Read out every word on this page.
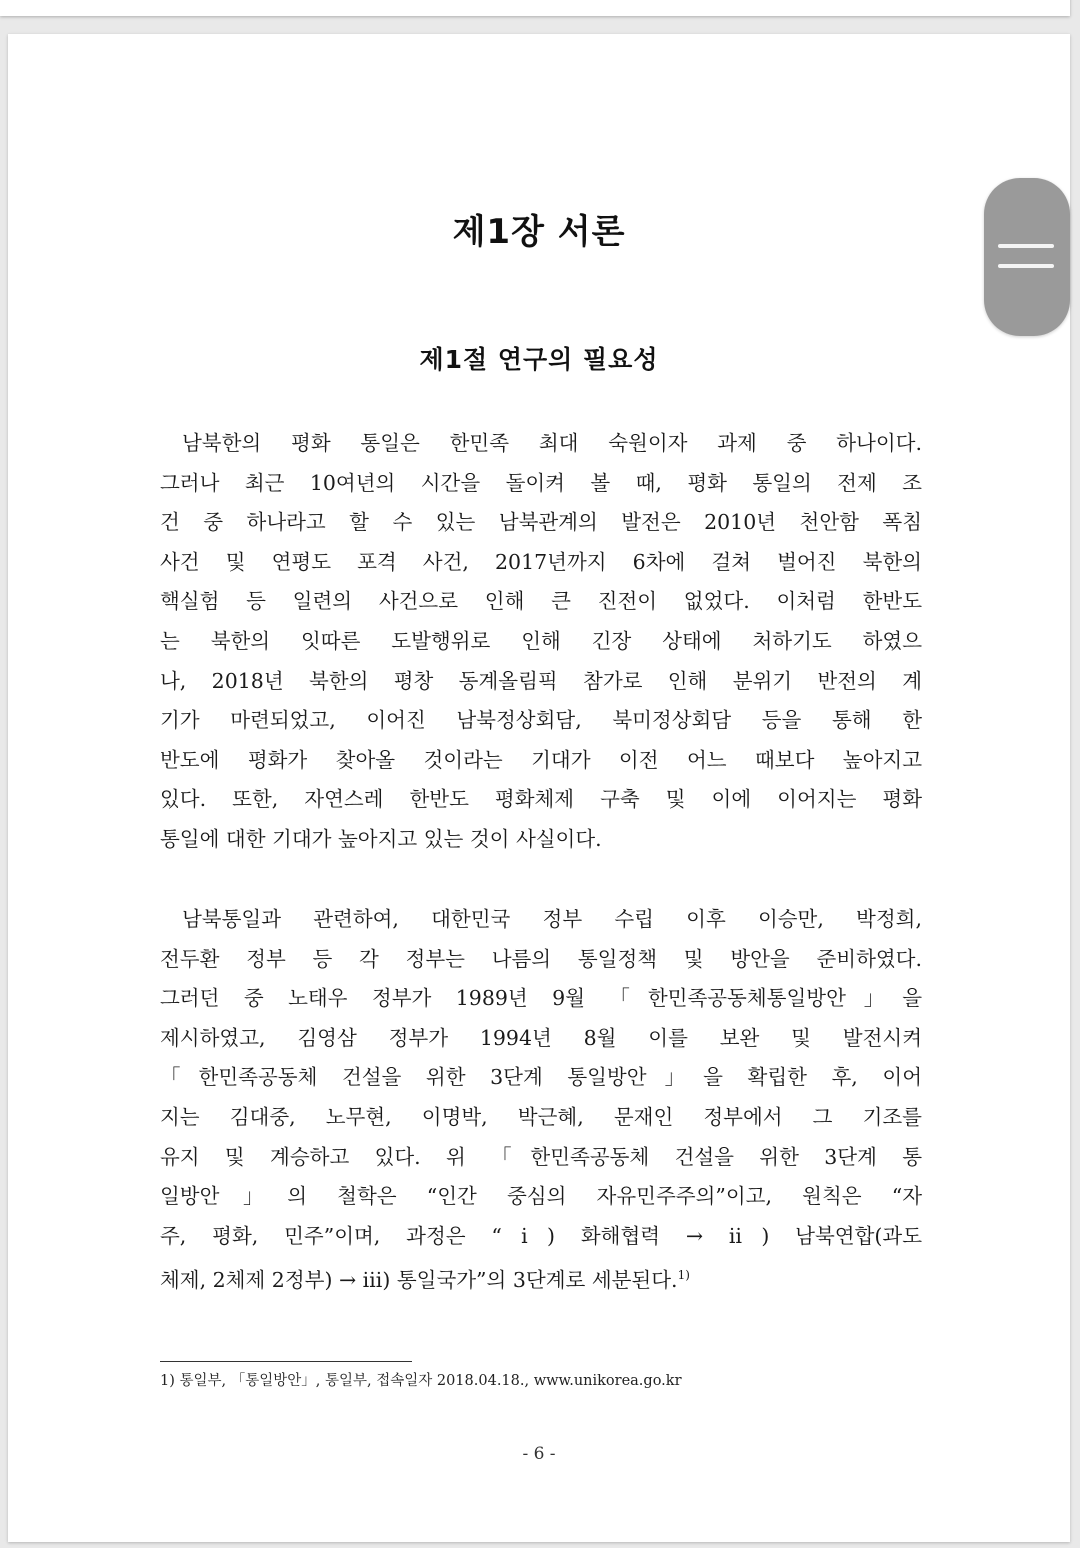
제1장 서론
제1절 연구의 필요성
남북한의 평화 통일은 한민족 최대 숙원이자 과제 중 하나이다.
그러나 최근 10여년의 시간을 돌이켜 볼 때, 평화 통일의 전제 조
건 중 하나라고 할 수 있는 남북관계의 발전은 2010년 천안함 폭침
사건 및 연평도 포격 사건, 2017년까지 6차에 걸쳐 벌어진 북한의
핵실험 등 일련의 사건으로 인해 큰 진전이 없었다. 이처럼 한반도
는 북한의 잇따른 도발행위로 인해 긴장 상태에 처하기도 하였으
나, 2018년 북한의 평창 동계올림픽 참가로 인해 분위기 반전의 계
기가 마련되었고, 이어진 남북정상회담, 북미정상회담 등을 통해 한
반도에 평화가 찾아올 것이라는 기대가 이전 어느 때보다 높아지고
있다. 또한, 자연스레 한반도 평화체제 구축 및 이에 이어지는 평화
통일에 대한 기대가 높아지고 있는 것이 사실이다.
남북통일과 관련하여, 대한민국 정부 수립 이후 이승만, 박정희,
전두환 정부 등 각 정부는 나름의 통일정책 및 방안을 준비하였다.
그러던 중 노태우 정부가 1989년 9월 「한민족공동체통일방안」을
제시하였고, 김영삼 정부가 1994년 8월 이를 보완 및 발전시켜
「한민족공동체 건설을 위한 3단계 통일방안」을 확립한 후, 이어
지는 김대중, 노무현, 이명박, 박근혜, 문재인 정부에서 그 기조를
유지 및 계승하고 있다. 위 「한민족공동체 건설을 위한 3단계 통
일방안」의 철학은 “인간 중심의 자유민주주의”이고, 원칙은 “자
주, 평화, 민주”이며, 과정은 “ⅰ) 화해협력 → ⅱ) 남북연합(과도
체제, 2체제 2정부) → ⅲ) 통일국가”의 3단계로 세분된다.$^{1)}$

1) 통일부, 「통일방안」, 통일부, 접속일자 2018.04.18., www.unikorea.go.kr

- 6 -
